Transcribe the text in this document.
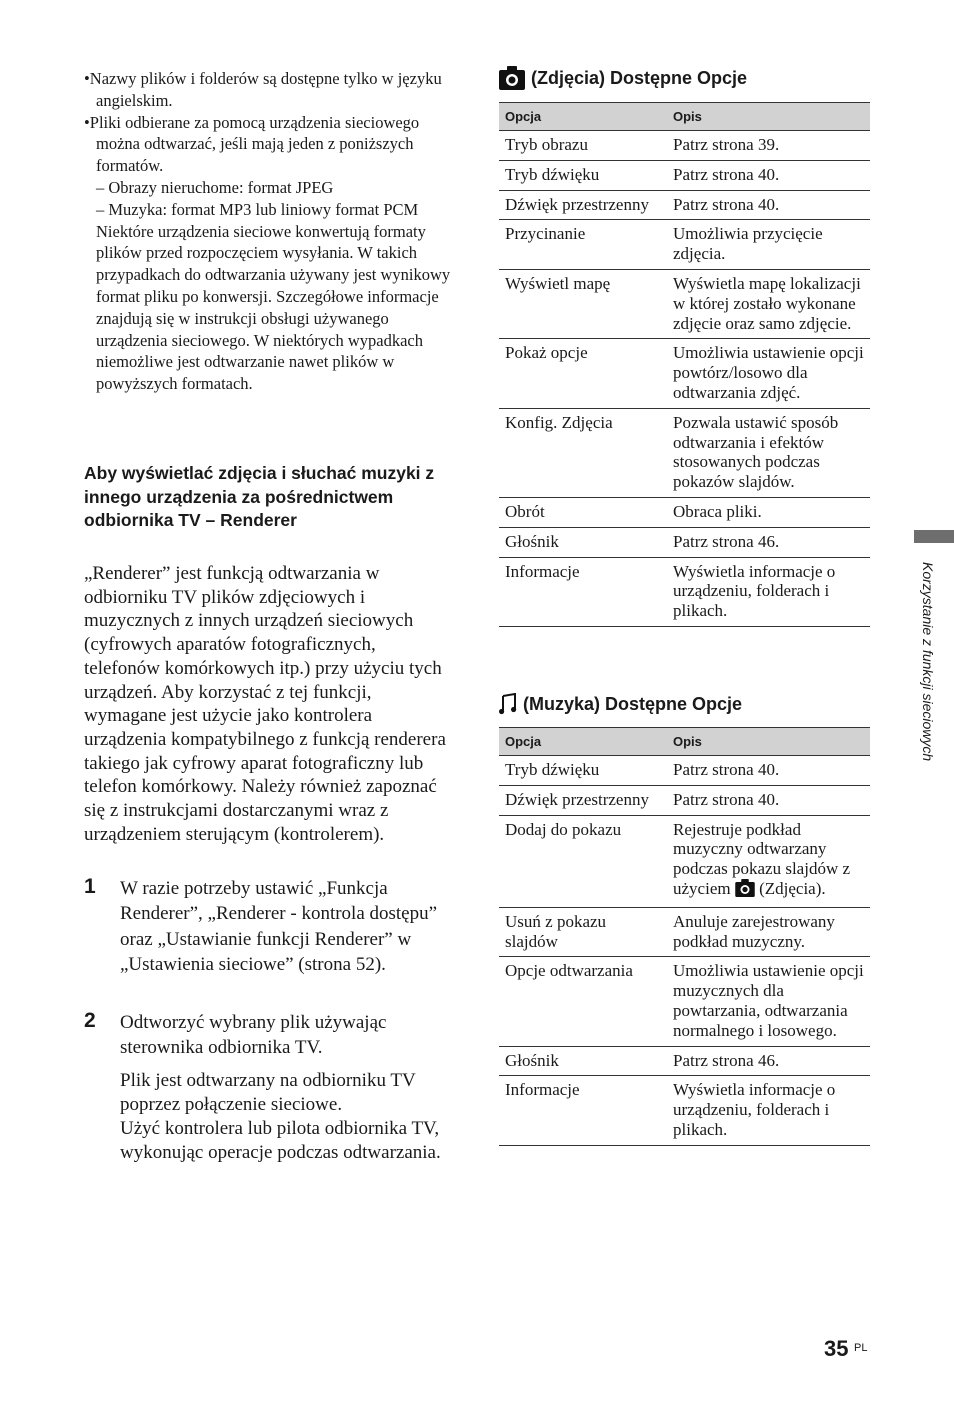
•Nazwy plików i folderów są dostępne tylko w języku angielskim.

•Pliki odbierane za pomocą urządzenia sieciowego można odtwarzać, jeśli mają jeden z poniższych formatów.

– Obrazy nieruchome: format JPEG

– Muzyka: format MP3 lub liniowy format PCM

Niektóre urządzenia sieciowe konwertują formaty plików przed rozpoczęciem wysyłania. W takich przypadkach do odtwarzania używany jest wynikowy format pliku po konwersji. Szczegółowe informacje znajdują się w instrukcji obsługi używanego urządzenia sieciowego. W niektórych wypadkach niemożliwe jest odtwarzanie nawet plików w powyższych formatach.

Aby wyświetlać zdjęcia i słuchać muzyki z innego urządzenia za pośrednictwem odbiornika TV – Renderer

„Renderer” jest funkcją odtwarzania w odbiorniku TV plików zdjęciowych i muzycznych z innych urządzeń sieciowych (cyfrowych aparatów fotograficznych, telefonów komórkowych itp.) przy użyciu tych urządzeń. Aby korzystać z tej funkcji, wymagane jest użycie jako kontrolera urządzenia kompatybilnego z funkcją renderera takiego jak cyfrowy aparat fotograficzny lub telefon komórkowy. Należy również zapoznać się z instrukcjami dostarczanymi wraz z urządzeniem sterującym (kontrolerem).

1 W razie potrzeby ustawić „Funkcja Renderer”, „Renderer - kontrola dostępu” oraz „Ustawianie funkcji Renderer” w „Ustawienia sieciowe” (strona 52).
2 Odtworzyć wybrany plik używając sterownika odbiornika TV.

Plik jest odtwarzany na odbiorniku TV poprzez połączenie sieciowe.

Użyć kontrolera lub pilota odbiornika TV, wykonując operacje podczas odtwarzania.

(Zdjęcia) Dostępne Opcje
Opcja	Opis
Tryb obrazu	Patrz strona 39.
Tryb dźwięku	Patrz strona 40.
Dźwięk przestrzenny	Patrz strona 40.
Przycinanie	Umożliwia przycięcie zdjęcia.
Wyświetl mapę	Wyświetla mapę lokalizacji w której zostało wykonane zdjęcie oraz samo zdjęcie.
Pokaż opcje	Umożliwia ustawienie opcji powtórz/losowo dla odtwarzania zdjęć.
Konfig. Zdjęcia	Pozwala ustawić sposób odtwarzania i efektów stosowanych podczas pokazów slajdów.
Obrót	Obraca pliki.
Głośnik	Patrz strona 46.
Informacje	Wyświetla informacje o urządzeniu, folderach i plikach.
(Muzyka) Dostępne Opcje
Opcja	Opis
Tryb dźwięku	Patrz strona 40.
Dźwięk przestrzenny	Patrz strona 40.
Dodaj do pokazu	Rejestruje podkład muzyczny odtwarzany podczas pokazu slajdów z użyciem  (Zdjęcia).
Usuń z pokazu slajdów	Anuluje zarejestrowany podkład muzyczny.
Opcje odtwarzania	Umożliwia ustawienie opcji muzycznych dla powtarzania, odtwarzania normalnego i losowego.
Głośnik	Patrz strona 46.
Informacje	Wyświetla informacje o urządzeniu, folderach i plikach.
Korzystanie z funkcji sieciowych
35 PL
